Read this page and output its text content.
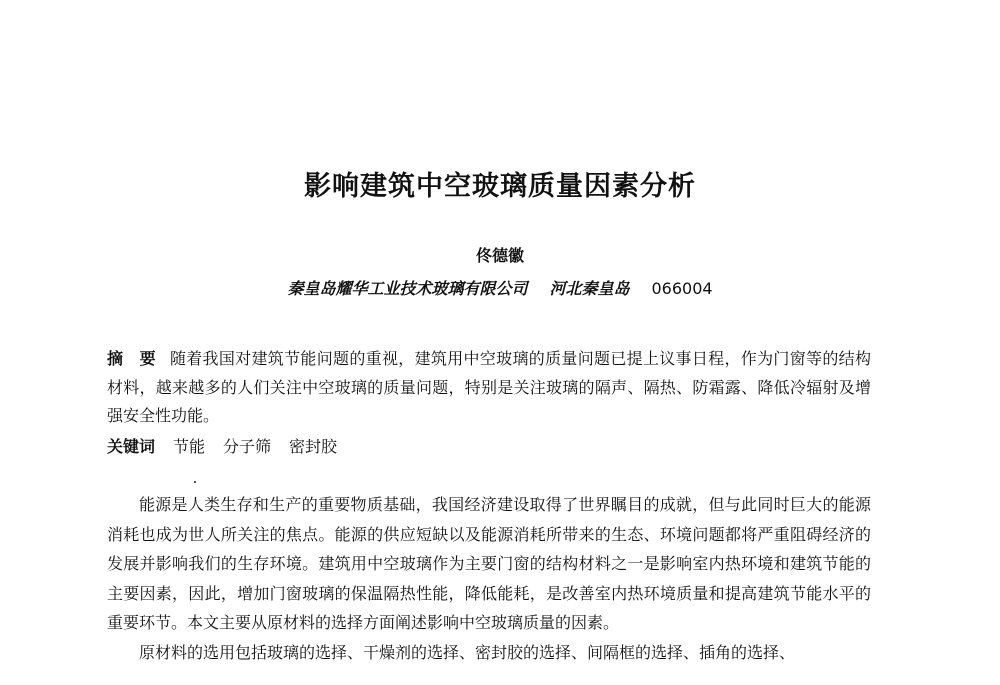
影响建筑中空玻璃质量因素分析
佟德徽
秦皇岛耀华工业技术玻璃有限公司 河北秦皇岛 066004
摘　要 随着我国对建筑节能问题的重视，建筑用中空玻璃的质量问题已提上议事日程，作为门窗等的结构材料，越来越多的人们关注中空玻璃的质量问题，特别是关注玻璃的隔声、隔热、防霜露、降低冷辐射及增强安全性功能。
关键词 节能 分子筛 密封胶

能源是人类生存和生产的重要物质基础，我国经济建设取得了世界瞩目的成就，但与此同时巨大的能源消耗也成为世人所关注的焦点。能源的供应短缺以及能源消耗所带来的生态、环境问题都将严重阻碍经济的发展并影响我们的生存环境。建筑用中空玻璃作为主要门窗的结构材料之一是影响室内热环境和建筑节能的主要因素，因此，增加门窗玻璃的保温隔热性能，降低能耗，是改善室内热环境质量和提高建筑节能水平的重要环节。本文主要从原材料的选择方面阐述影响中空玻璃质量的因素。

原材料的选用包括玻璃的选择、干燥剂的选择、密封胶的选择、间隔框的选择、插角的选择、
